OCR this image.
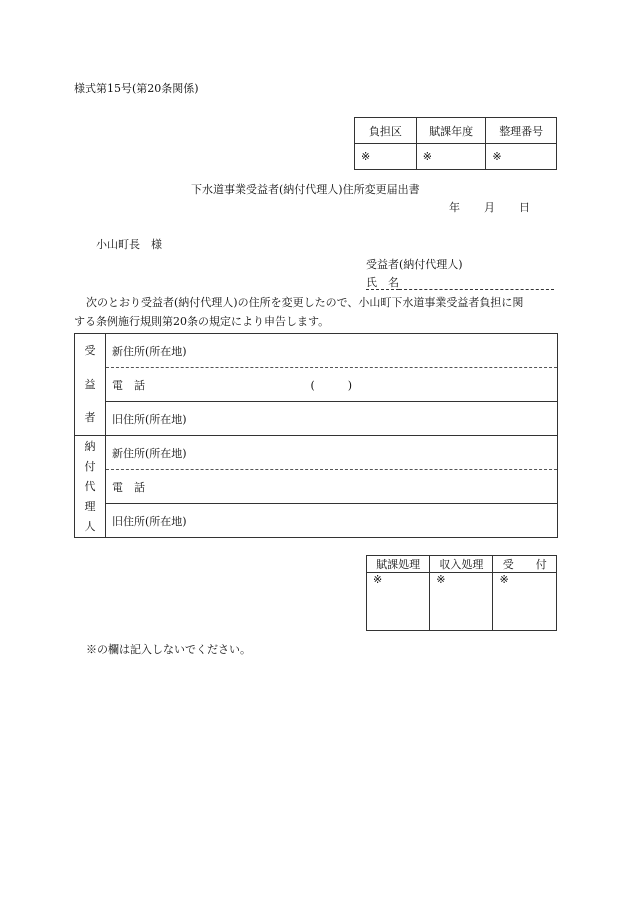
様式第15号(第20条関係)
負担区	賦課年度	整理番号
※	※	※
下水道事業受益者(納付代理人)住所変更届出書
年 月 日
小山町長　様
受益者(納付代理人)
氏　名
次のとおり受益者(納付代理人)の住所を変更したので、小山町下水道事業受益者負担に関
する条例施行規則第20条の規定により申告します。
受	新住所(所在地)
益	電　話 (　　　)

者	旧住所(所在地)
納
付
代
理
人	新住所(所在地)
	電　話
	旧住所(所在地)
賦課処理	収入処理	受　　付
※	※	※
※の欄は記入しないでください。
